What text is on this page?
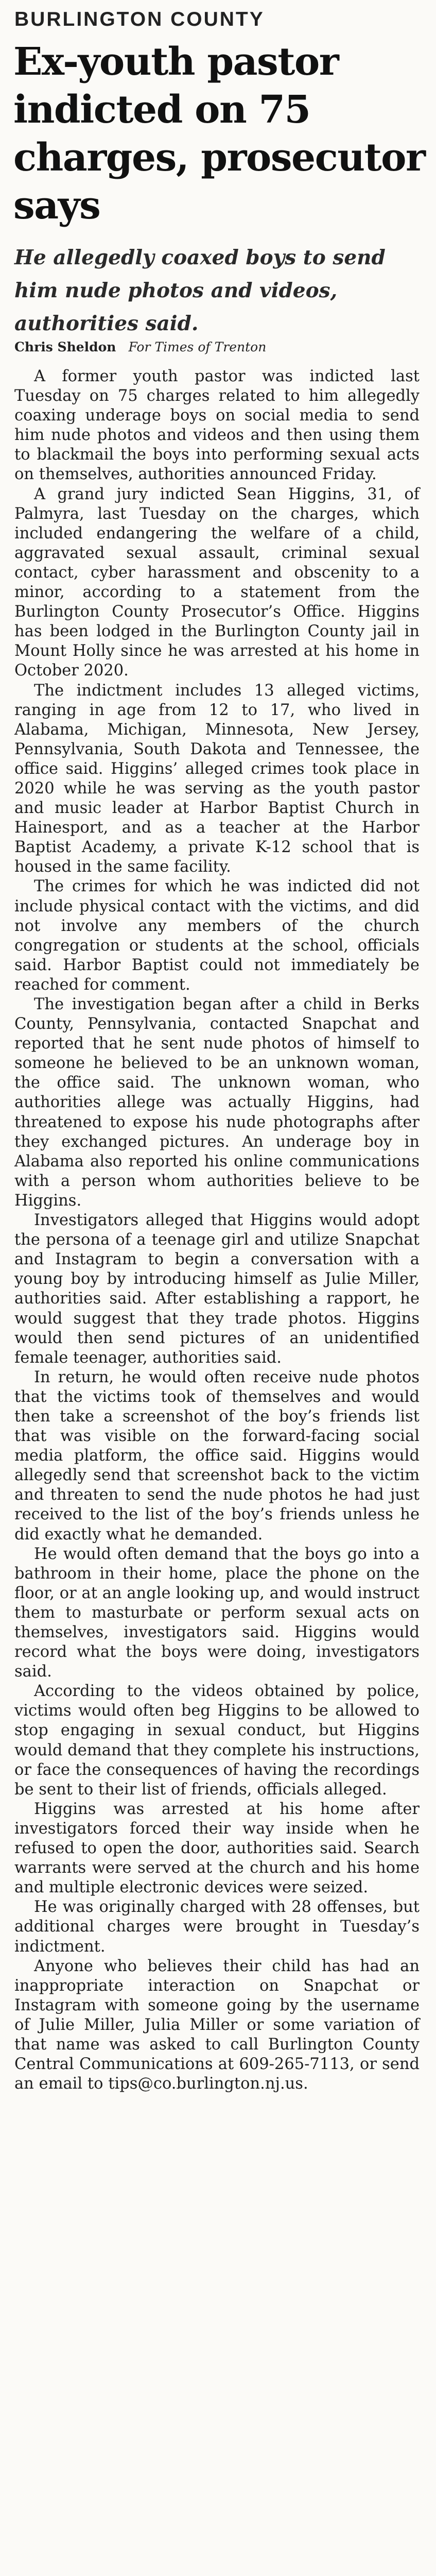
BURLINGTON COUNTY
Ex-youth pastor indicted on 75 charges, prosecutor says

He allegedly coaxed boys to send him nude photos and videos, authorities said.

Chris Sheldon For Times of Trenton

A former youth pastor was indicted last Tuesday on 75 charges related to him allegedly coaxing underage boys on social media to send him nude photos and videos and then using them to blackmail the boys into performing sexual acts on themselves, authorities announced Friday.

A grand jury indicted Sean Higgins, 31, of Palmyra, last Tuesday on the charges, which included endangering the welfare of a child, aggravated sexual assault, criminal sexual contact, cyber harassment and obscenity to a minor, according to a statement from the Burlington County Prosecutor’s Office. Higgins has been lodged in the Burlington County jail in Mount Holly since he was arrested at his home in October 2020.

The indictment includes 13 alleged victims, ranging in age from 12 to 17, who lived in Alabama, Michigan, Minnesota, New Jersey, Pennsylvania, South Dakota and Tennessee, the office said. Higgins’ alleged crimes took place in 2020 while he was serving as the youth pastor and music leader at Harbor Baptist Church in Hainesport, and as a teacher at the Harbor Baptist Academy, a private K-12 school that is housed in the same facility.

The crimes for which he was indicted did not include physical contact with the victims, and did not involve any members of the church congregation or students at the school, officials said. Harbor Baptist could not immediately be reached for comment.

The investigation began after a child in Berks County, Pennsylvania, contacted Snapchat and reported that he sent nude photos of himself to someone he believed to be an unknown woman, the office said. The unknown woman, who authorities allege was actually Higgins, had threatened to expose his nude photographs after they exchanged pictures. An underage boy in Alabama also reported his online communications with a person whom authorities believe to be Higgins.

Investigators alleged that Higgins would adopt the persona of a teenage girl and utilize Snapchat and Instagram to begin a conversation with a young boy by introducing himself as Julie Miller, authorities said. After establishing a rapport, he would suggest that they trade photos. Higgins would then send pictures of an unidentified female teenager, authorities said.

In return, he would often receive nude photos that the victims took of themselves and would then take a screenshot of the boy’s friends list that was visible on the forward-facing social media platform, the office said. Higgins would allegedly send that screenshot back to the victim and threaten to send the nude photos he had just received to the list of the boy’s friends unless he did exactly what he demanded.

He would often demand that the boys go into a bathroom in their home, place the phone on the floor, or at an angle looking up, and would instruct them to masturbate or perform sexual acts on themselves, investigators said. Higgins would record what the boys were doing, investigators said.

According to the videos obtained by police, victims would often beg Higgins to be allowed to stop engaging in sexual conduct, but Higgins would demand that they complete his instructions, or face the consequences of having the recordings be sent to their list of friends, officials alleged.

Higgins was arrested at his home after investigators forced their way inside when he refused to open the door, authorities said. Search warrants were served at the church and his home and multiple electronic devices were seized.

He was originally charged with 28 offenses, but additional charges were brought in Tuesday’s indictment.

Anyone who believes their child has had an inappropriate interaction on Snapchat or Instagram with someone going by the username of Julie Miller, Julia Miller or some variation of that name was asked to call Burlington County Central Communications at 609-265-7113, or send an email to tips@co.burlington.nj.us.
